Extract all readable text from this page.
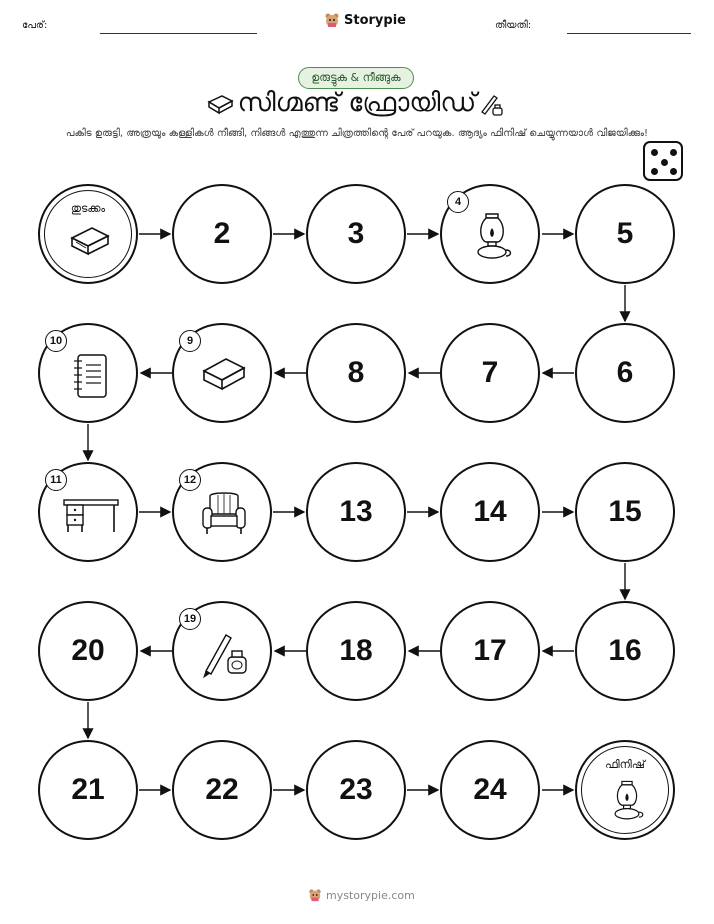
പേര്:	Storypie	തീയതി:
ഉരുട്ടുക & നീങ്ങുക
സിഗ്മണ്ട് ഫ്രോയിഡ്
പകിട ഉരുട്ടി, അത്രയും കള്ളികൾ നീങ്ങി, നിങ്ങൾ എത്തുന്ന ചിത്രത്തിന്റെ പേര് പറയുക. ആദ്യം ഫിനിഷ് ചെയ്യുന്നയാൾ വിജയിക്കും!
തുടക്കം
2	3
4
5
10	9
8	7	6
11	12
13	14	15
20
19
18	17	16
21	22	23	24
ഫിനിഷ്
mystorypie.com
